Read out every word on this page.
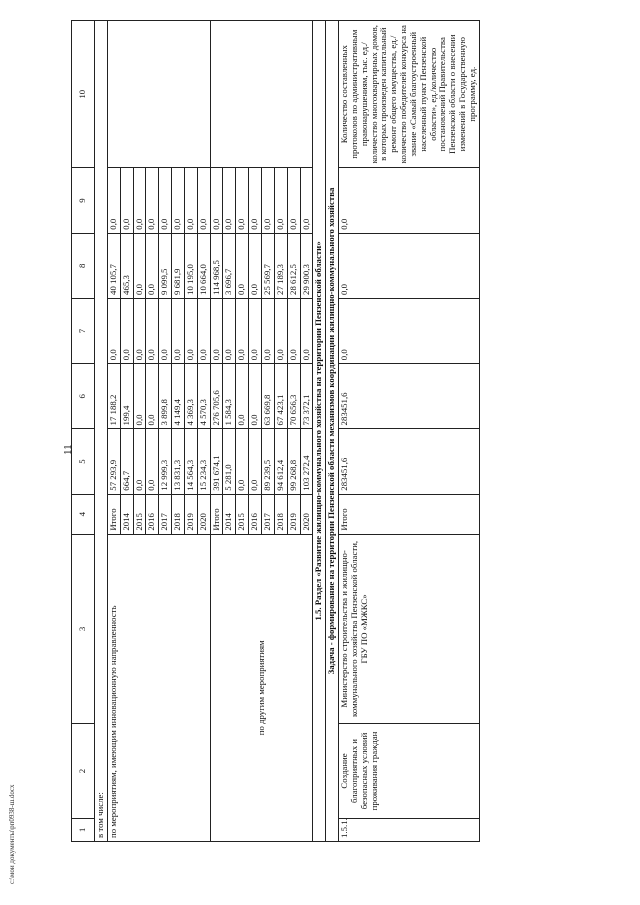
11
c:\мои документы\рп0938-ш.docx	1	2	3	4	5	6	7	8	9	10
в том числе:									
по мероприятиям, имеющим инновационную направленность			Итого	57 293,9	17 188,2	0,0	40 105,7	0,0	
			2014	664,7	199,4	0,0	465,3	0,0	
			2015	0,0	0,0	0,0	0,0	0,0	
			2016	0,0	0,0	0,0	0,0	0,0	
			2017	12 999,3	3 899,8	0,0	9 099,5	0,0	
			2018	13 831,3	4 149,4	0,0	9 681,9	0,0	
			2019	14 564,3	4 369,3	0,0	10 195,0	0,0	
			2020	15 234,3	4 570,3	0,0	10 664,0	0,0	
по другим мероприятиям			Итого	391 674,1	276 705,6	0,0	114 968,5	0,0	
			2014	5 281,0	1 584,3	0,0	3 696,7	0,0	
			2015	0,0	0,0	0,0	0,0	0,0	
			2016	0,0	0,0	0,0	0,0	0,0	
			2017	89 239,5	63 669,8	0,0	25 569,7	0,0	
			2018	94 612,4	67 423,1	0,0	27 189,3	0,0	
			2019	99 268,8	70 656,3	0,0	28 612,5	0,0	
			2020	103 272,4	73 372,1	0,0	29 900,3	0,0	
1.5. Раздел «Развитие жилищно-коммунального хозяйства на территории Пензенской области»									
Задача - формирование на территории Пензенской области механизмов координации жилищно-коммунального хозяйства									
1.5.1.	Создание благоприятных и безопасных условий проживания граждан	Министерство строительства и жилищно-коммунального хозяйства Пензенской области, ГБУ ПО «МЖКС»	Итого	283451,6	283451,6	0,0	0,0	0,0	Количество составленных протоколов по административным правонарушениям, тыс. ед./количество многоквартирных домов, в которых произведен капитальный ремонт общего имущества, ед./количество победителей конкурса на звание «Самый благоустроенный населенный пункт Пензенской области», ед./количество постановлений Правительства Пензенской области о внесении изменений в Государственную программу, ед.
